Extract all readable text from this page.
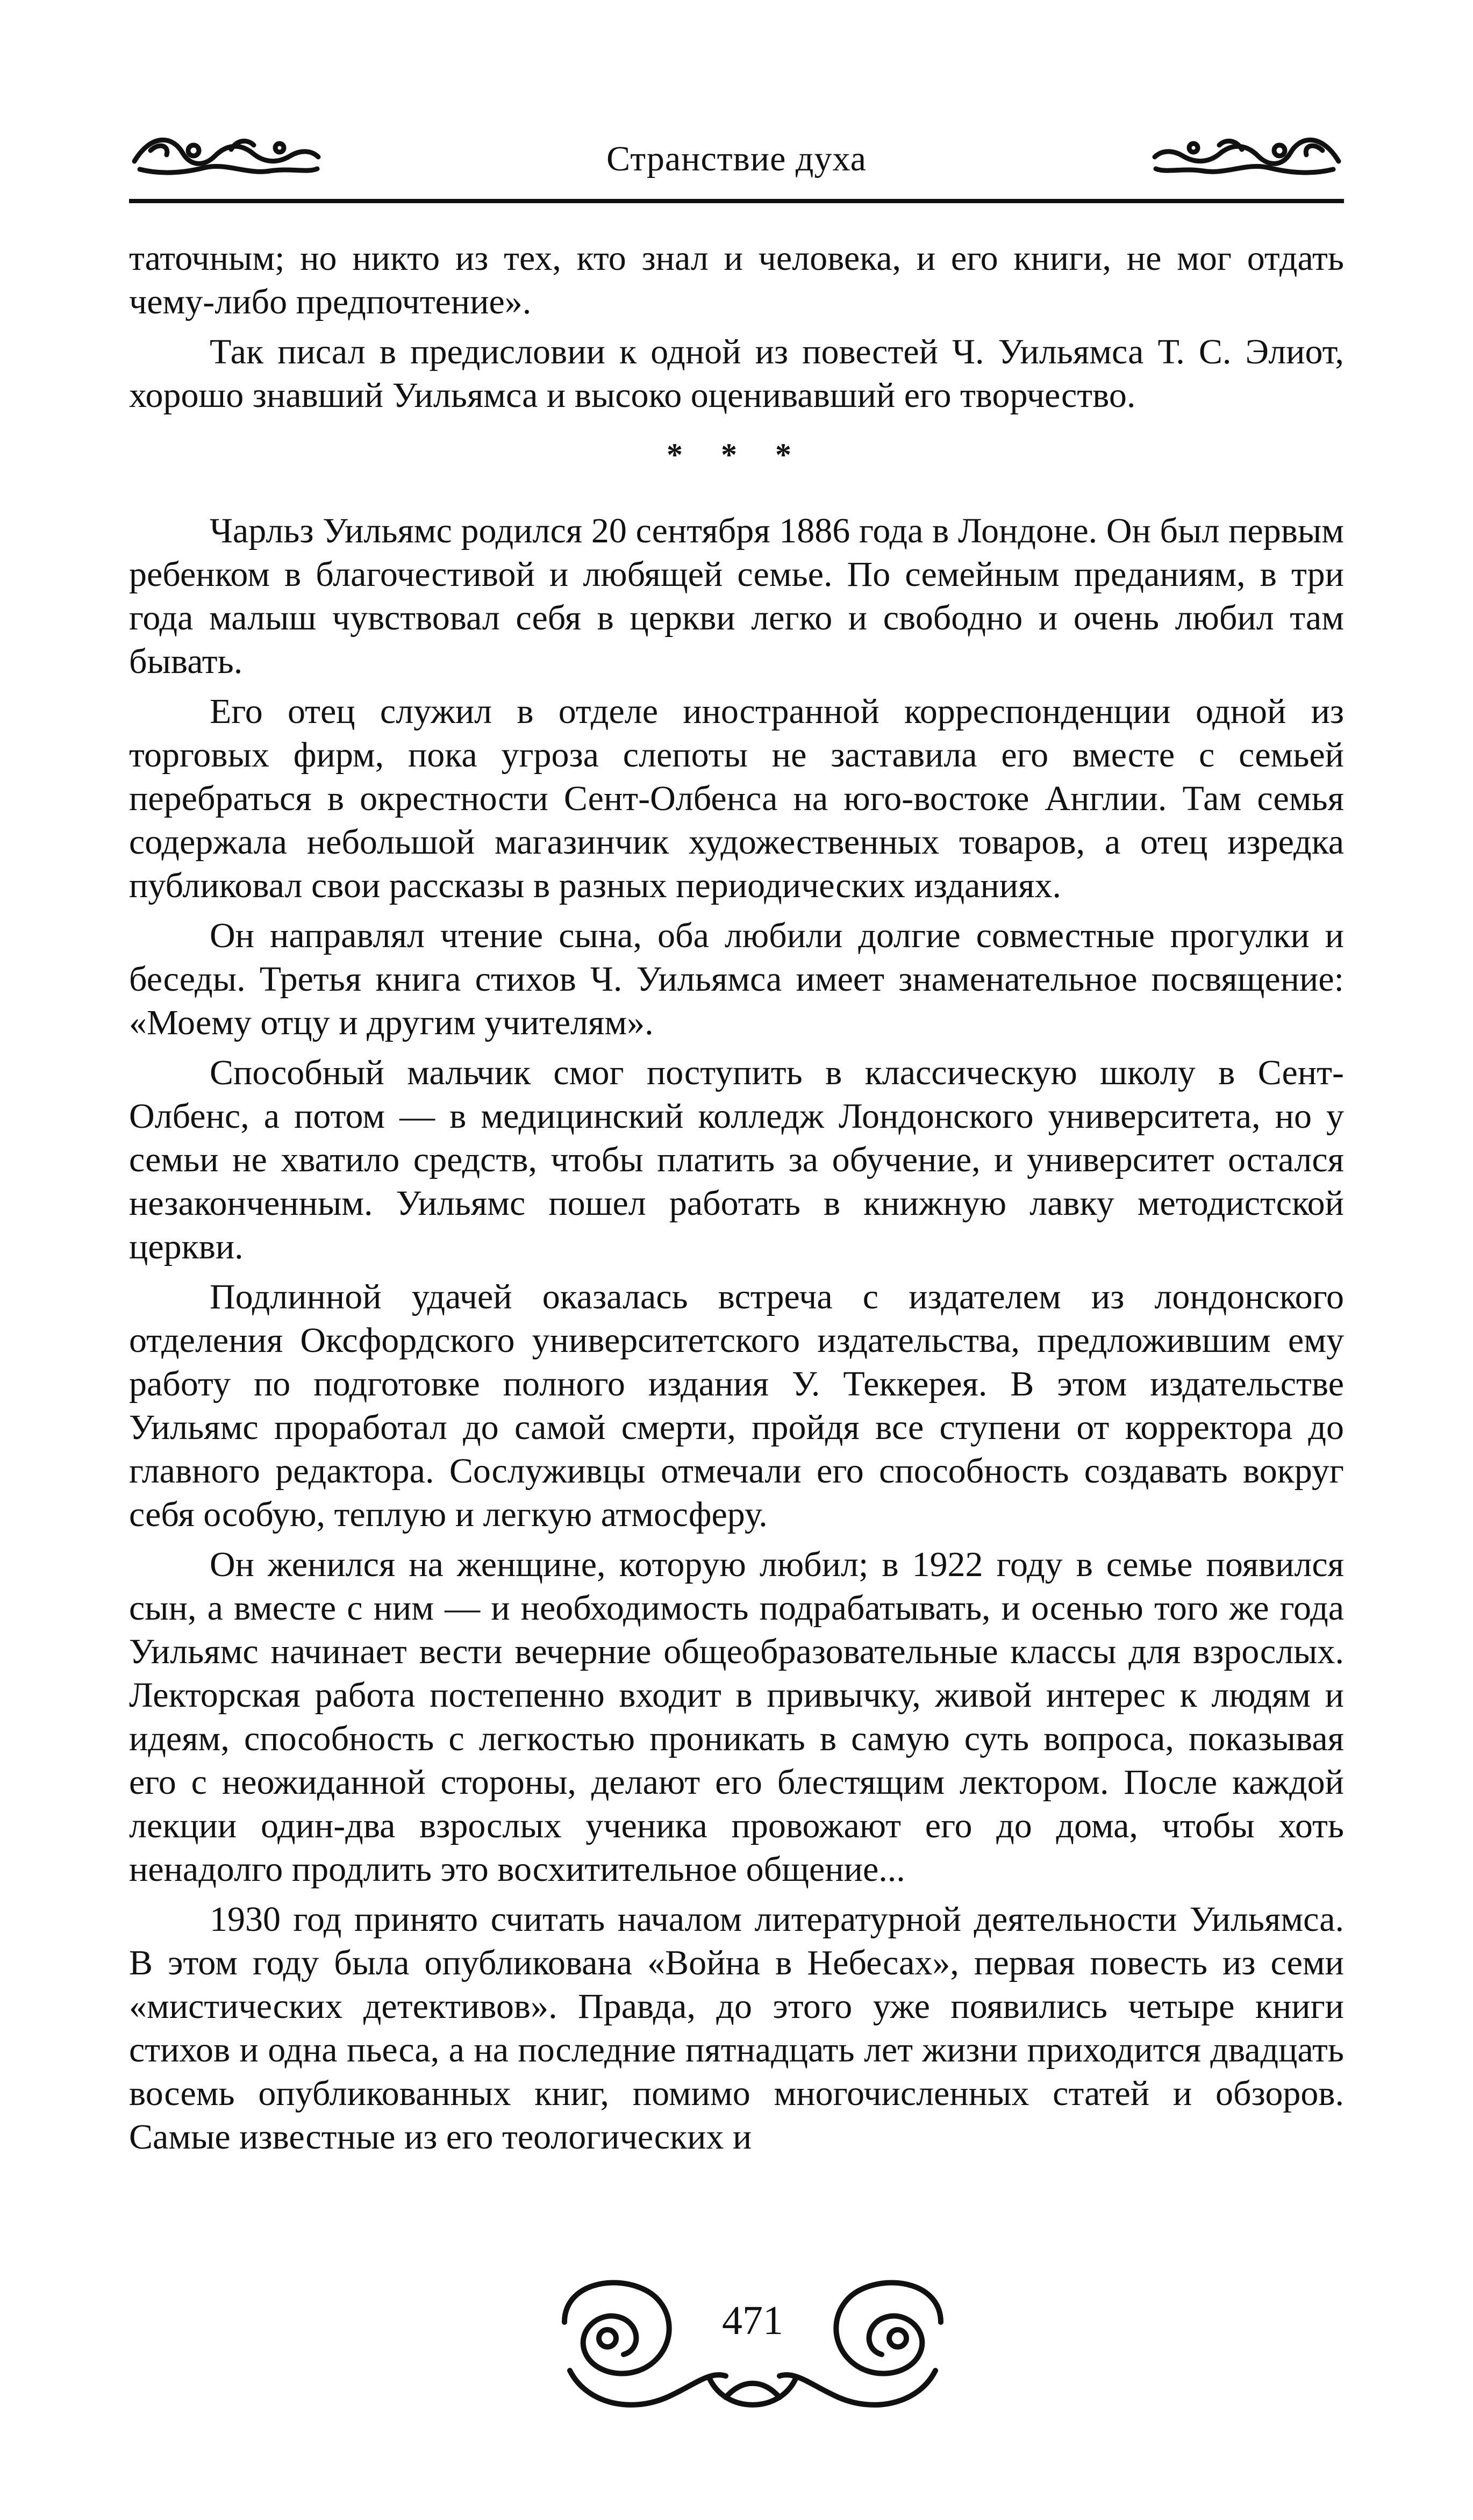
Странствие духа

таточным; но никто из тех, кто знал и человека, и его книги, не мог отдать чему-либо предпочтение».

Так писал в предисловии к одной из повестей Ч. Уильямса Т. С. Элиот, хорошо знавший Уильямса и высоко оценивавший его творчество.

* * *

Чарльз Уильямс родился 20 сентября 1886 года в Лондоне. Он был первым ребенком в благочестивой и любящей семье. По семейным преданиям, в три года малыш чувствовал себя в церкви легко и свободно и очень любил там бывать.

Его отец служил в отделе иностранной корреспонденции одной из торговых фирм, пока угроза слепоты не заставила его вместе с семьей перебраться в окрестности Сент-Олбенса на юго-востоке Англии. Там семья содержала небольшой магазинчик художественных товаров, а отец изредка публиковал свои рассказы в разных периодических изданиях.

Он направлял чтение сына, оба любили долгие совместные прогулки и беседы. Третья книга стихов Ч. Уильямса имеет знаменательное посвящение: «Моему отцу и другим учителям».

Способный мальчик смог поступить в классическую школу в Сент-Олбенс, а потом — в медицинский колледж Лондонского университета, но у семьи не хватило средств, чтобы платить за обучение, и университет остался незаконченным. Уильямс пошел работать в книжную лавку методистской церкви.

Подлинной удачей оказалась встреча с издателем из лондонского отделения Оксфордского университетского издательства, предложившим ему работу по подготовке полного издания У. Теккерея. В этом издательстве Уильямс проработал до самой смерти, пройдя все ступени от корректора до главного редактора. Сослуживцы отмечали его способность создавать вокруг себя особую, теплую и легкую атмосферу.

Он женился на женщине, которую любил; в 1922 году в семье появился сын, а вместе с ним — и необходимость подрабатывать, и осенью того же года Уильямс начинает вести вечерние общеобразовательные классы для взрослых. Лекторская работа постепенно входит в привычку, живой интерес к людям и идеям, способность с легкостью проникать в самую суть вопроса, показывая его с неожиданной стороны, делают его блестящим лектором. После каждой лекции один-два взрослых ученика провожают его до дома, чтобы хоть ненадолго продлить это восхитительное общение...

1930 год принято считать началом литературной деятельности Уильямса. В этом году была опубликована «Война в Небесах», первая повесть из семи «мистических детективов». Правда, до этого уже появились четыре книги стихов и одна пьеса, а на последние пятнадцать лет жизни приходится двадцать восемь опубликованных книг, помимо многочисленных статей и обзоров. Самые известные из его теологических и

471
